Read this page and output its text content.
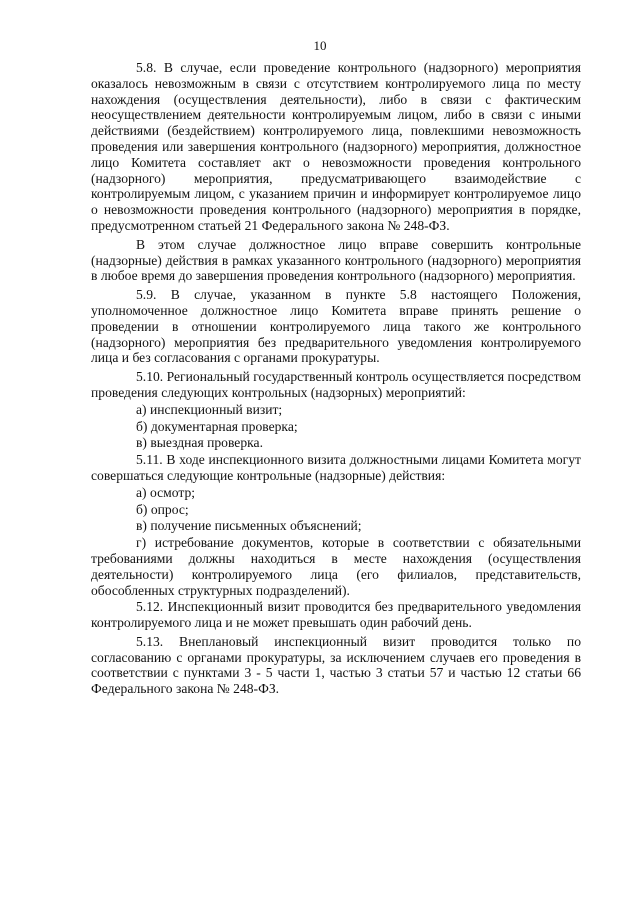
10

5.8. В случае, если проведение контрольного (надзорного) мероприятия оказалось невозможным в связи с отсутствием контролируемого лица по месту нахождения (осуществления деятельности), либо в связи с фактическим неосуществлением деятельности контролируемым лицом, либо в связи с иными действиями (бездействием) контролируемого лица, повлекшими невозможность проведения или завершения контрольного (надзорного) мероприятия, должностное лицо Комитета составляет акт о невозможности проведения контрольного (надзорного) мероприятия, предусматривающего взаимодействие с контролируемым лицом, с указанием причин и информирует контролируемое лицо о невозможности проведения контрольного (надзорного) мероприятия в порядке, предусмотренном статьей 21 Федерального закона № 248-ФЗ.

В этом случае должностное лицо вправе совершить контрольные (надзорные) действия в рамках указанного контрольного (надзорного) мероприятия в любое время до завершения проведения контрольного (надзорного) мероприятия.

5.9. В случае, указанном в пункте 5.8 настоящего Положения, уполномоченное должностное лицо Комитета вправе принять решение о проведении в отношении контролируемого лица такого же контрольного (надзорного) мероприятия без предварительного уведомления контролируемого лица и без согласования с органами прокуратуры.

5.10. Региональный государственный контроль осуществляется посредством проведения следующих контрольных (надзорных) мероприятий:

а) инспекционный визит;

б) документарная проверка;

в) выездная проверка.

5.11. В ходе инспекционного визита должностными лицами Комитета могут совершаться следующие контрольные (надзорные) действия:

а) осмотр;

б) опрос;

в) получение письменных объяснений;

г) истребование документов, которые в соответствии с обязательными требованиями должны находиться в месте нахождения (осуществления деятельности) контролируемого лица (его филиалов, представительств, обособленных структурных подразделений).

5.12. Инспекционный визит проводится без предварительного уведомления контролируемого лица и не может превышать один рабочий день.

5.13. Внеплановый инспекционный визит проводится только по согласованию с органами прокуратуры, за исключением случаев его проведения в соответствии с пунктами 3 - 5 части 1, частью 3 статьи 57 и частью 12 статьи 66 Федерального закона № 248-ФЗ.
